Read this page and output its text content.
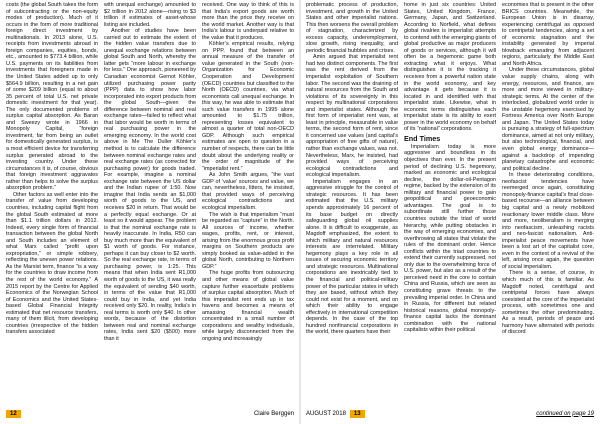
costs (the global South takes the form of subcontracting or the non-equity modes of production). Much of it occurs in the form of more traditional foreign direct investment by multinationals. In 2013 alone, U.S. receipts from investments abroad in foreign companies, equities, bonds, etc., amounted to $773.4 billion, while U.S. payments on its liabilities from investments that foreigners made in the United States added up to only $564.9 billion, resulting in a net gain of some $209 billion (equal to about 35 percent of total U.S. net private domestic investment for that year). The only documented problems of surplus capital absorption. As Baran and Sweezy wrote in 1966 in Monopoly Capital, “foreign investment, far from being an outlet for domestically generated surplus, is a most efficient device for transferring surplus generated abroad to the investing country. Under these circumstances it is, of course, obvious that foreign investment aggravates rather than helps to solve the surplus absorption problem.”

Other factors as well enter into the transfer of value from developing countries, including capital flight from the global South estimated at more than $1.1 trillion dollars in 2012. Indeed, every single form of financial transaction between the global North and South includes an element of what Marx called “profit upon expropriation,” or simple robbery, reflecting the uneven power relations. As the Marxist term, finance “is a way for the countries to draw income from the rest of the world economy.” A 2015 report by the Centre for Applied Economics of the Norwegian School of Economics and the United States-based Global Financial Integrity estimated that net resource transfers, many of them illicit, from developing countries (irrespective of the hidden transfers associated

with unequal exchange) amounted to $2 trillion in 2012 alone—rising to $3 trillion if estimates of asset-whose listing are included.

Another of studies have been carried out to estimate the extent of the hidden value transfers due to unequal exchange relations between global South and North, whereby the latter gets “more labour in exchange for less.” One approach, pioneered by Canadian economist Gernot Köhler, utilized purchasing power parity (PPP) data to show how labor incorporated into export products from the global South—given the difference between nominal and real exchange rates—failed to reflect what that labor would be worth in terms of real purchasing power in the emerging economy. In the world cost above in Me The Duller Köhler’s method is to calculate the difference between nominal exchange rates and real exchange rates (as corrected for purchasing power) for goods traded. For example, imagine a nominal exchange rate between the US dollar and the Indian rupee of 1:50. Now imagine that India sends an $1,000 worth of goods to the US, and receives $20 in return. That would be a perfectly equal exchange. Or at least so it would appear. The problem is that the nominal exchange rate is heavily inaccurate. In India, R50 can buy much more than the equivalent of $1 worth of goods. For instance, perhaps it can buy closer to $2 worth. So the real exchange rate, in terms of purchasing power, is 1:25. This means that when India sent R1,000 worth of goods to the US, it was really the equivalent of sending $40 worth, in terms of the value that R1,000 could buy in India, and yet India received only $20. In reality, India’s in real terms is worth only $40. In other words, because of the distortion between real and nominal exchange rates, India sent $20 ($500) more than it

received. One way to think of this is that India’s export goods are worth more than the price they receive on the world market. Another way is that India’s labour is underpaid relative to the value that it produces.

Köhler’s empirical results, relying on PPP, found that between an annual measure of the transfer of value generated in the South (non-Organization for Economic Cooperation and Development (OECD) countries but classified to the North (OECD) countries, via what economists call unequal exchange. In this way, he was able to estimate that such value transfers in 1995 alone amounted to $1.75 trillion, representing losses equivalent to almost a quarter of total non-OECD GDP. Although such empirical estimates are open to question in a number of respects, there can be little doubt about the underlying reality or the order of magnitude of the “imperialist rent.”

As John Smith argues, “the vast GDP of ‘value’ sources and value, we can, nevertheless, litters, he insisted, that provided ways of perceiving ecological contradictions and ecological imperialism.

The wish is that imperialism “must be regarded as “capture” in the North. All sources of income, whether wages, profits, rent, or interest, arising from the enormous gross profit margins on Southern products are simply booked as value-added in the global North, contributing to Northern GDP.”

The huge profits from outsourcing and other means of global value capture further exacerbate problems of surplus capital absorption. Much of this imperialist rent ends up in tax havens and becomes a means of amassing financial wealth concentrated in a small number of corporations and wealthy individuals, while largely disconnected from the ongoing and increasingly

12	Claire Berggen

problematic process of production, investment, and growth in the United States and other imperialist nations. This then worsens the overall problem of stagnation, characterized by excess capacity, underemployment, slow growth, rising inequality, and periodic financial bubbles and crises.

Amin argued that imperialist rent had two distinct components. The first was the rent derived from the imperialist exploitation of Southern labor. The second was the draining of natural resources from the South and violations of its sovereignty in this respect by multinational corporations and imperialist states. Although the first form of imperialist rent was, at least in principle, measurable in value terms, the second form of rent, since it concerned use values (and capital’s appropriation of free gifts of nature), rather than exchange values, was not. Nevertheless, Marx, he insisted, had provided ways of perceiving ecological contradictions and ecological imperialism.

Imperialism engages in an aggressive struggle for the control of strategic resources. It has been estimated that the U.S. military spends approximately 16 percent of its base budget on directly safeguarding global oil supplies alone. It is difficult to exaggerate, as Magdoff emphasized, the extent to which military and natural resources interests are interrelated. Military hegemony plays a key role in all issues of securing economic territory and strategic resources. Multinational corporations are inextricably tied to the financial and political-military power of the particular states in which they are based, without which they could not exist for a moment, and on which their ability to engage effectively in international competition depends. In the case of the top hundred nonfinancial corporations in the world, there quarters have their

home in just six countries: United States, United Kingdom, France, Germany, Japan, and Switzerland. According to Norfield, what defines global rivalries is imperialist attempts to contend with the emerging giants of global productive as major producers of goods or services, although it will often be a hegemonic game both extracting what it enjoys. What distinguishes it is the tracking it receives from a powerful nation state in the world economy, and key advantage it gets because it is located in and identified with that imperialist state. Likewise, what in economic terms distinguishes each imperialist state is its ability to exert power in the world economy on behalf of its “national” corporations.

End Times

Imperialism today is more aggressive and boundless in its objectives than ever. In the present period of declining U.S. hegemony, marked as economic and ecological decline, the dollar-oil-Pentagon regime, backed by the extension of its military and financial power to gain geopolitical and geoeconomic advantages. The goal is to subordinate still further those countries outside the triad of world hierarchy, while putting obstacles in the way of emerging economies, and overthrowing all states that violate the rules of the dominant order. Hence conflicts within the triad countries to extend their currently suppressed, not only due to the overwhelming force of U.S. power, but also as a result of the perceived need in the core to contain China and Russia, which are seen as constituting grave threats to the prevailing imperial order. In China and in Russia, for different but related historical reasons, global monopoly-finance capital lacks the dominant combination with the national capitalists within their political

economies that is present in the other BRICS countries. Meanwhile, the European Union is in disarray, experiencing centrifugal as opposed to centripetal tendencies, along a set of economic stagnation and the instability generated by imperial blowback emanating from adjacent regions, particularly the Middle East and North Africa.

Under these circumstances, global value supply chains, along with energy, resources, and finance, are more and more viewed in military-strategic terms. At the center of the interlocked, globalized world order is the unstable hegemony exercised by Fortress America over North Europe and Japan. The United States today is pursuing a strategy of full-spectrum dominance, aimed at not only military, but also technological, financial, and even global energy dominance—against a backdrop of impending planetary catastrophe and economic and political decline.

In these deteriorating conditions, neofascist tendencies have reemerged once again, constituting monopoly-finance capital’s final close-based recourse—an alliance between big capital and a newly mobilized reactionary lower middle class. More and more, neoliberalism is merging into neofascism, unleashing racists and neo-fascist nationalism. Anti-imperialist peace movements have been a lost art of the capitalist core, even in the context of a revival of the left, arising once again, the question of social imperialism.

There is a sense, of course, in which much of this is familiar. As Magdoff noted, centrifugal and centripetal forces have always coexisted at the core of the imperialist process, with sometimes one and sometimes the other predominating. As a result, periods of peace and harmony have alternated with periods of discord

AUGUST 2018	13	continued on page 19
